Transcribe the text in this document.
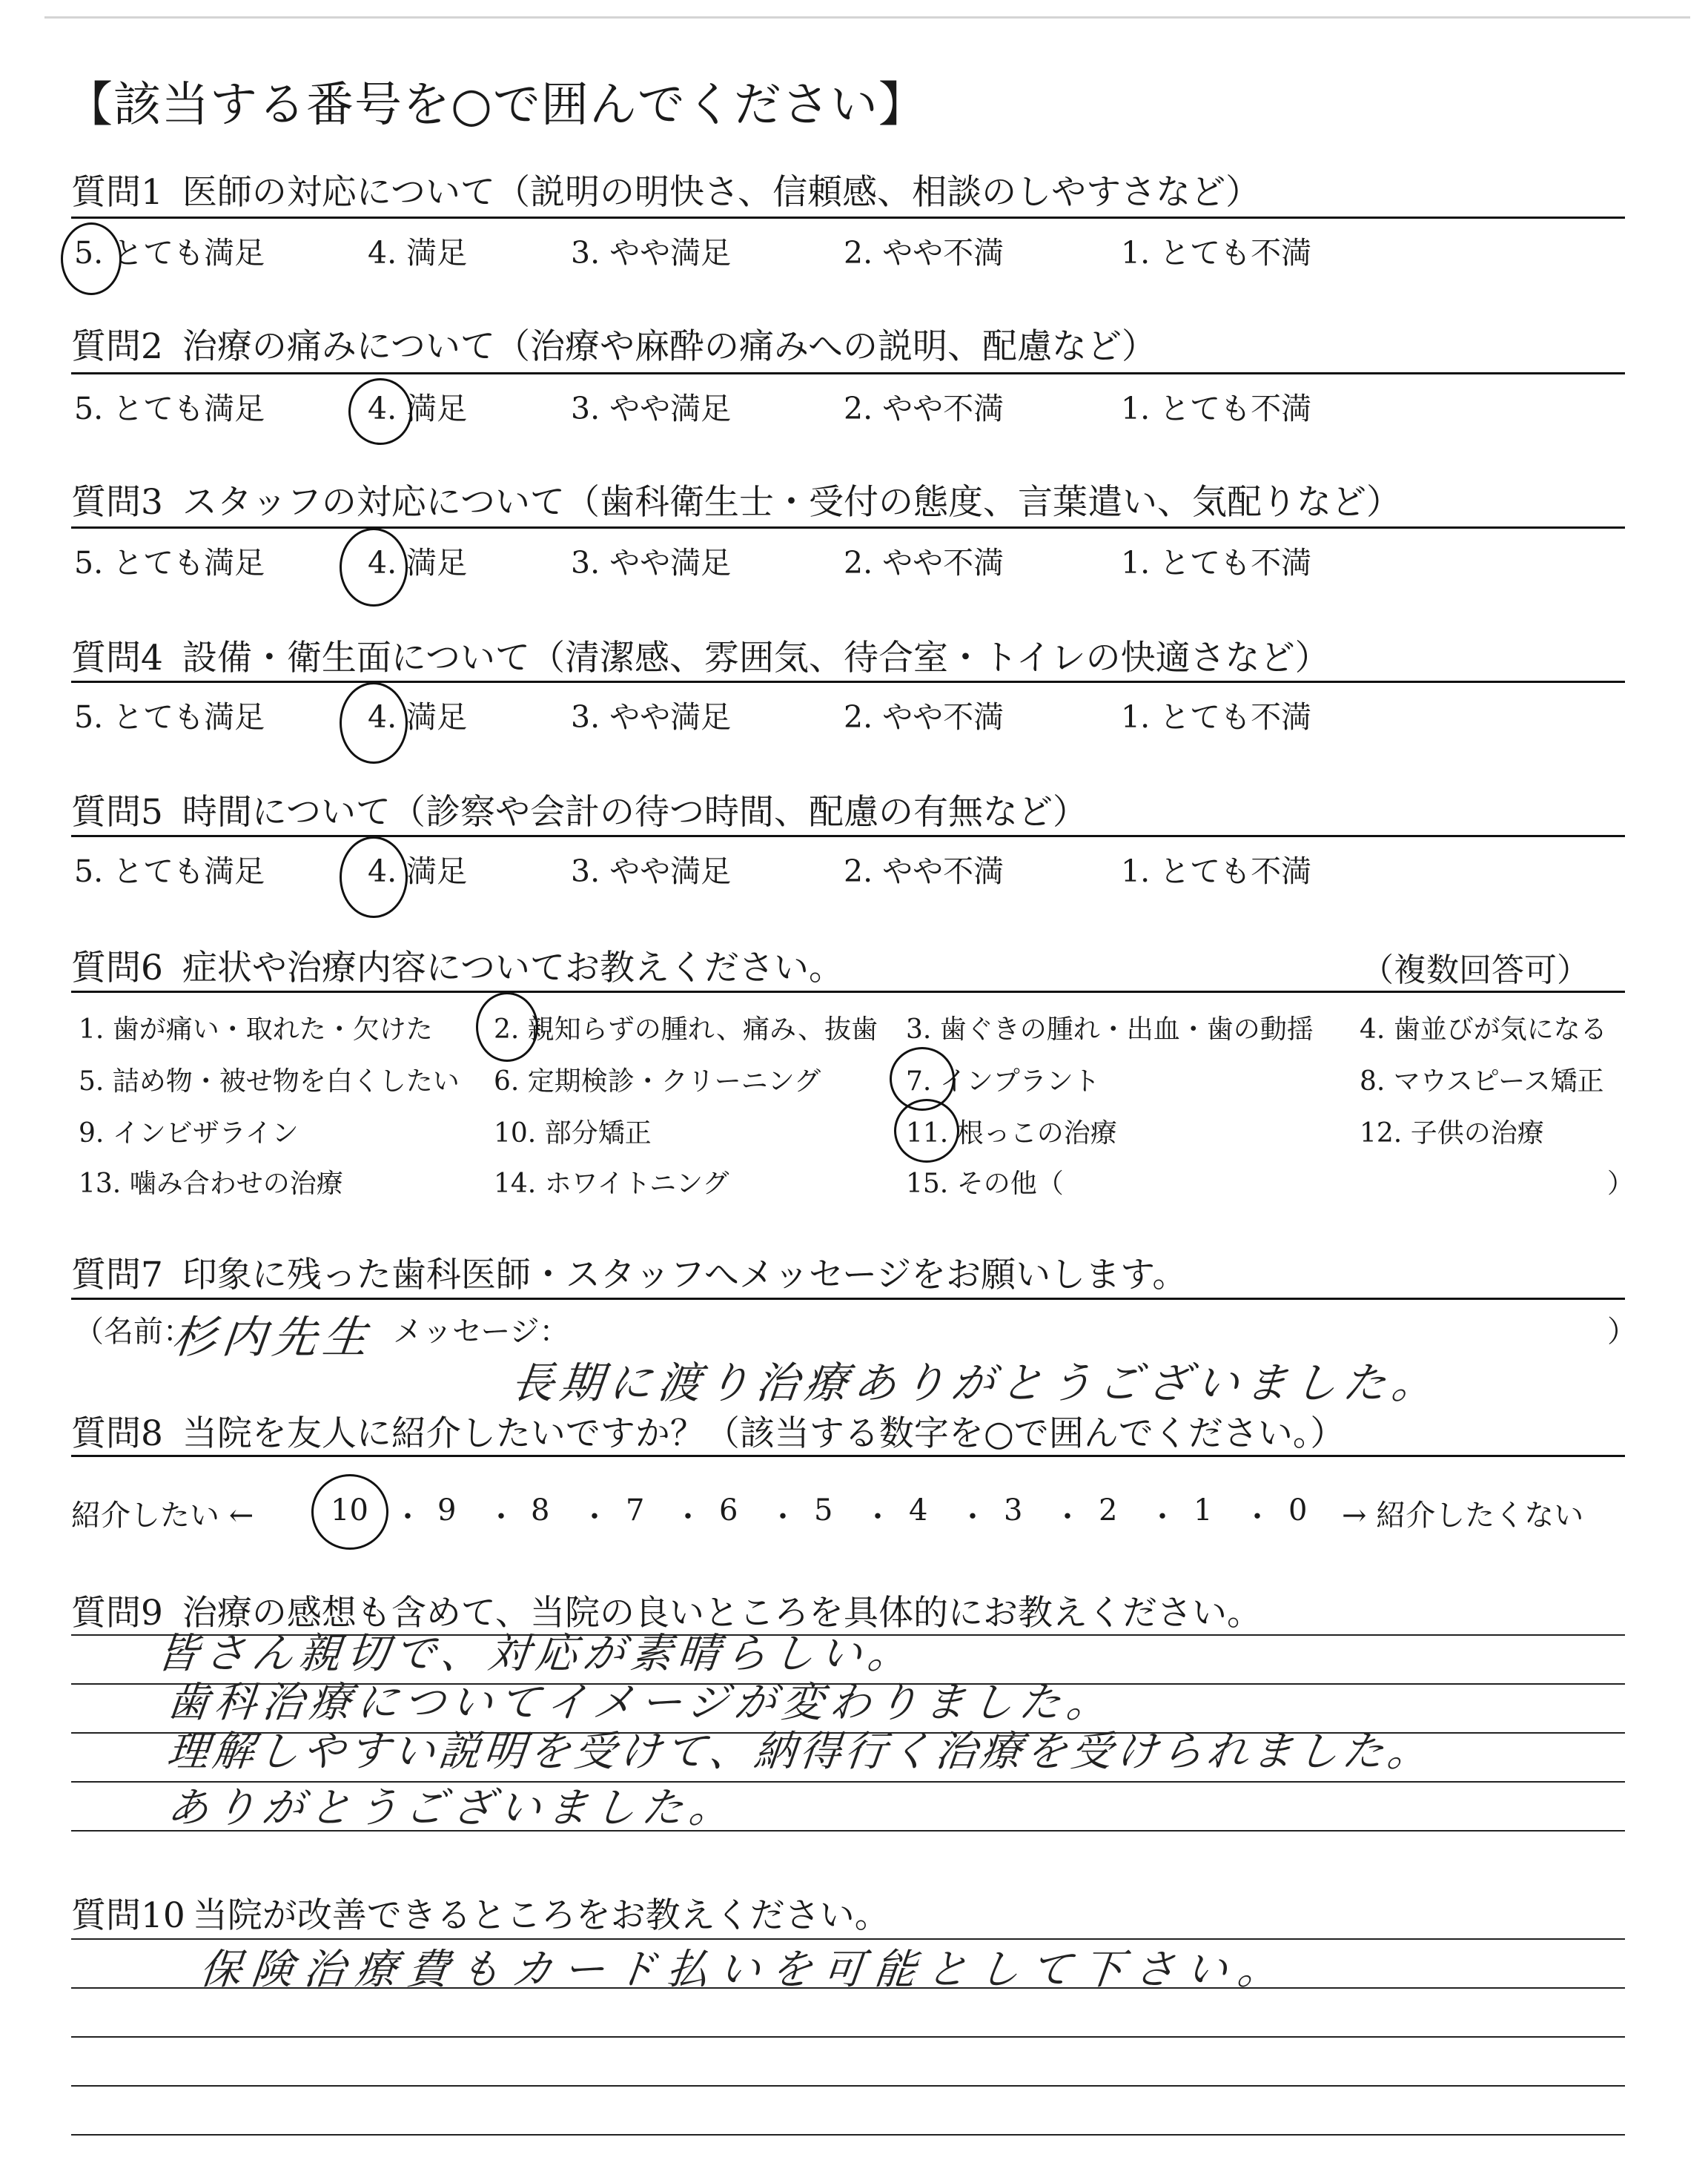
【該当する番号を○で囲んでください】
質問1 医師の対応について（説明の明快さ、信頼感、相談のしやすさなど）
5. とても満足	4. 満足	3. やや満足	2. やや不満	1. とても不満
質問2 治療の痛みについて（治療や麻酔の痛みへの説明、配慮など）
5. とても満足	4. 満足	3. やや満足	2. やや不満	1. とても不満
質問3 スタッフの対応について（歯科衛生士・受付の態度、言葉遣い、気配りなど）
5. とても満足	4. 満足	3. やや満足	2. やや不満	1. とても不満
質問4 設備・衛生面について（清潔感、雰囲気、待合室・トイレの快適さなど）
5. とても満足	4. 満足	3. やや満足	2. やや不満	1. とても不満
質問5 時間について（診察や会計の待つ時間、配慮の有無など）
5. とても満足	4. 満足	3. やや満足	2. やや不満	1. とても不満
質問6 症状や治療内容についてお教えください。	（複数回答可）
1. 歯が痛い・取れた・欠けた 2. 親知らずの腫れ、痛み、抜歯 3. 歯ぐきの腫れ・出血・歯の動揺 4. 歯並びが気になる
5. 詰め物・被せ物を白くしたい 6. 定期検診・クリーニング	7. インプラント	8. マウスピース矯正
9. インビザライン	10. 部分矯正	11. 根っこの治療	12. 子供の治療
13. 噛み合わせの治療	14. ホワイトニング	15. その他（	）
質問7 印象に残った歯科医師・スタッフへメッセージをお願いします。
（名前：
杉内先生 メッセージ：	）
長期に渡り治療ありがとうございました。
質問8 当院を友人に紹介したいですか？（該当する数字を○で囲んでください。）
紹介したい ←	10 ・ 9 ・ 8 ・ 7 ・ 6 ・ 5 ・ 4 ・ 3 ・ 2 ・ 1 ・ 0 → 紹介したくない
質問9 治療の感想も含めて、当院の良いところを具体的にお教えください。
皆さん親切で、対応が素晴らしい。
歯科治療についてイメージが変わりました。
理解しやすい説明を受けて、納得行く治療を受けられました。
ありがとうございました。
質問10 当院が改善できるところをお教えください。
保険治療費もカード払いを可能として下さい。
